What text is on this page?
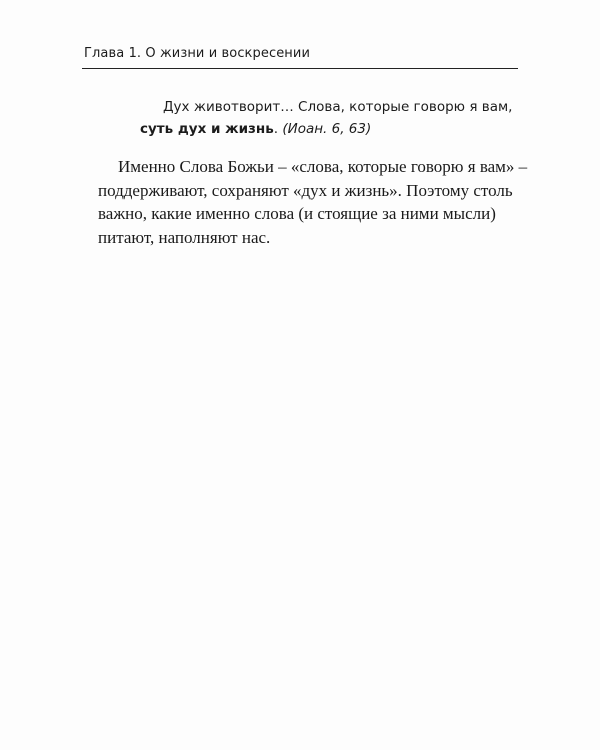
Глава 1. О жизни и воскресении
Дух животворит… Слова, которые говорю я вам,
суть дух и жизнь. (Иоан. 6, 63)
Именно Слова Божьи – «слова, которые говорю я вам» –
поддерживают, сохраняют «дух и жизнь». Поэтому столь
важно, какие именно слова (и стоящие за ними мысли)
питают, наполняют нас.
